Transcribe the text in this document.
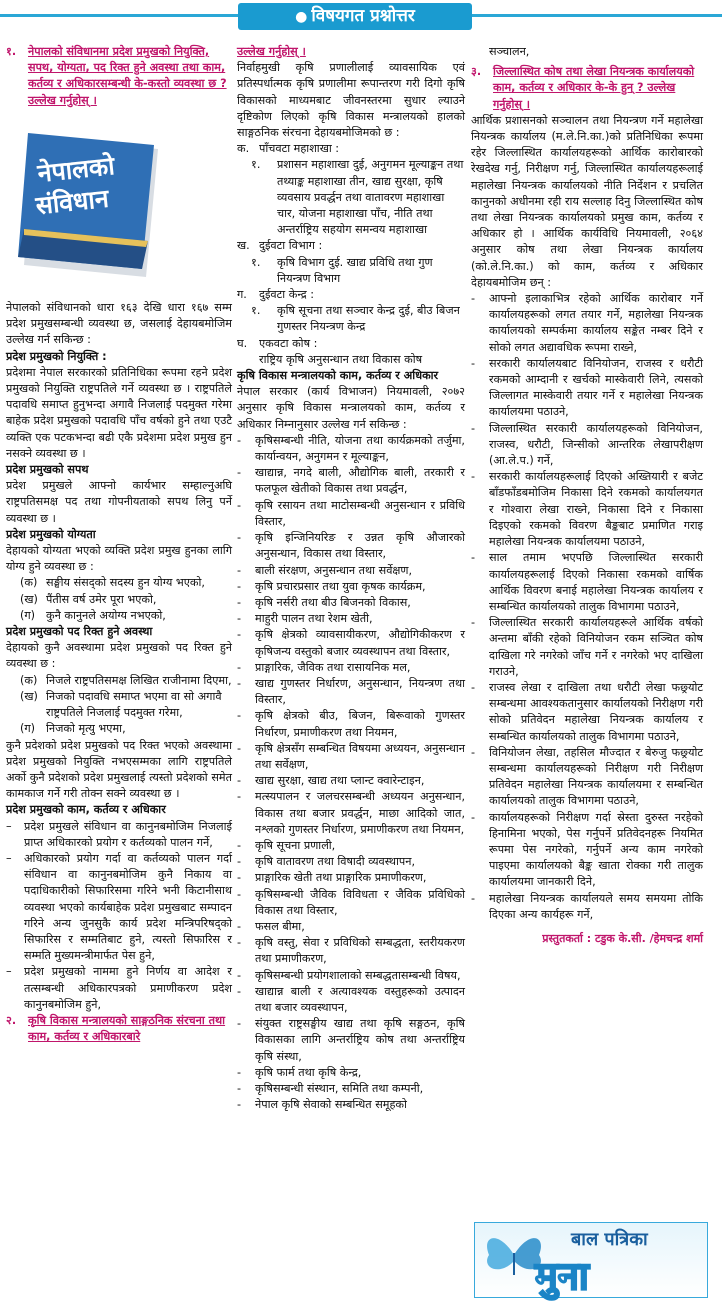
● विषयगत प्रश्नोत्तर
१.	नेपालको संविधानमा प्रदेश प्रमुखको नियुक्ति, सपथ, योग्यता, पद रिक्त हुने अवस्था तथा काम, कर्तव्य र अधिकारसम्बन्धी के-कस्तो व्यवस्था छ ? उल्लेख गर्नुहोस् ।
नेपालको
संविधान

नेपालको संविधानको धारा १६३ देखि धारा १६७ सम्म प्रदेश प्रमुखसम्बन्धी व्यवस्था छ, जसलाई देहायबमोजिम उल्लेख गर्न सकिन्छ :

प्रदेश प्रमुखको नियुक्ति :

प्रदेशमा नेपाल सरकारको प्रतिनिधिका रूपमा रहने प्रदेश प्रमुखको नियुक्ति राष्ट्रपतिले गर्ने व्यवस्था छ । राष्ट्रपतिले पदावधि समाप्त हुनुभन्दा अगावै निजलाई पदमुक्त गरेमा बाहेक प्रदेश प्रमुखको पदावधि पाँच वर्षको हुने तथा एउटै व्यक्ति एक पटकभन्दा बढी एकै प्रदेशमा प्रदेश प्रमुख हुन नसक्ने व्यवस्था छ ।

प्रदेश प्रमुखको सपथ

प्रदेश प्रमुखले आफ्नो कार्यभार सम्हाल्नुअघि राष्ट्रपतिसमक्ष पद तथा गोपनीयताको सपथ लिनु पर्ने व्यवस्था छ ।

प्रदेश प्रमुखको योग्यता

देहायको योग्यता भएको व्यक्ति प्रदेश प्रमुख हुनका लागि योग्य हुने व्यवस्था छ :

(क) सङ्घीय संसद्को सदस्य हुन योग्य भएको,
(ख) पैंतीस वर्ष उमेर पूरा भएको,
(ग) कुनै कानुनले अयोग्य नभएको,

प्रदेश प्रमुखको पद रिक्त हुने अवस्था

देहायको कुनै अवस्थामा प्रदेश प्रमुखको पद रिक्त हुने व्यवस्था छ :

(क) निजले राष्ट्रपतिसमक्ष लिखित राजीनामा दिएमा,
(ख) निजको पदावधि समाप्त भएमा वा सो अगावै राष्ट्रपतिले निजलाई पदमुक्त गरेमा,
(ग) निजको मृत्यु भएमा,

कुनै प्रदेशको प्रदेश प्रमुखको पद रिक्त भएको अवस्थामा प्रदेश प्रमुखको नियुक्ति नभएसम्मका लागि राष्ट्रपतिले अर्को कुनै प्रदेशको प्रदेश प्रमुखलाई त्यस्तो प्रदेशको समेत कामकाज गर्ने गरी तोक्न सक्ने व्यवस्था छ ।

प्रदेश प्रमुखको काम, कर्तव्य र अधिकार

–	प्रदेश प्रमुखले संविधान वा कानुनबमोजिम निजलाई प्राप्त अधिकारको प्रयोग र कर्तव्यको पालन गर्ने,
–	अधिकारको प्रयोग गर्दा वा कर्तव्यको पालन गर्दा संविधान वा कानुनबमोजिम कुनै निकाय वा पदाधिकारीको सिफारिसमा गरिने भनी किटानीसाथ व्यवस्था भएको कार्यबाहेक प्रदेश प्रमुखबाट सम्पादन गरिने अन्य जुनसुकै कार्य प्रदेश मन्त्रिपरिषद्को सिफारिस र सम्मतिबाट हुने, त्यस्तो सिफारिस र सम्मति मुख्यमन्त्रीमार्फत पेस हुने,
–	प्रदेश प्रमुखको नाममा हुने निर्णय वा आदेश र तत्सम्बन्धी अधिकारपत्रको प्रमाणीकरण प्रदेश कानुनबमोजिम हुने,
२.	कृषि विकास मन्त्रालयको साङ्गठनिक संरचना तथा काम, कर्तव्य र अधिकारबारे

उल्लेख गर्नुहोस् ।

निर्वाहमुखी कृषि प्रणालीलाई व्यावसायिक एवं प्रतिस्पर्धात्मक कृषि प्रणालीमा रूपान्तरण गरी दिगो कृषि विकासको माध्यमबाट जीवनस्तरमा सुधार ल्याउने दृष्टिकोण लिएको कृषि विकास मन्त्रालयको हालको साङ्गठनिक संरचना देहायबमोजिमको छ :

क. पाँचवटा महाशाखा :
१.	प्रशासन महाशाखा दुई, अनुगमन मूल्याङ्कन तथा तथ्याङ्क महाशाखा तीन, खाद्य सुरक्षा, कृषि व्यवसाय प्रवर्द्धन तथा वातावरण महाशाखा चार, योजना महाशाखा पाँच, नीति तथा अन्तर्राष्ट्रिय सहयोग समन्वय महाशाखा
ख. दुईवटा विभाग :
१.	कृषि विभाग दुई. खाद्य प्रविधि तथा गुण नियन्त्रण विभाग
ग.	दुईवटा केन्द्र :
१.	कृषि सूचना तथा सञ्चार केन्द्र दुई, बीउ बिजन गुणस्तर नियन्त्रण केन्द्र
घ.	एकवटा कोष :

राष्ट्रिय कृषि अनुसन्धान तथा विकास कोष

कृषि विकास मन्त्रालयको काम, कर्तव्य र अधिकार

नेपाल सरकार (कार्य विभाजन) नियमावली, २०७२ अनुसार कृषि विकास मन्त्रालयको काम, कर्तव्य र अधिकार निम्नानुसार उल्लेख गर्न सकिन्छ :

-	कृषिसम्बन्धी नीति, योजना तथा कार्यक्रमको तर्जुमा, कार्यान्वयन, अनुगमन र मूल्याङ्कन,
-	खाद्यान्न, नगदे बाली, औद्योगिक बाली, तरकारी र फलफूल खेतीको विकास तथा प्रवर्द्धन,
-	कृषि रसायन तथा माटोसम्बन्धी अनुसन्धान र प्रविधि विस्तार,
-	कृषि इन्जिनियरिङ र उन्नत कृषि औजारको अनुसन्धान, विकास तथा विस्तार,
-	बाली संरक्षण, अनुसन्धान तथा सर्वेक्षण,
-	कृषि प्रचारप्रसार तथा युवा कृषक कार्यक्रम,
-	कृषि नर्सरी तथा बीउ बिजनको विकास,
-	माहुरी पालन तथा रेशम खेती,
-	कृषि क्षेत्रको व्यावसायीकरण, औद्योगिकीकरण र कृषिजन्य वस्तुको बजार व्यवस्थापन तथा विस्तार,
-	प्राङ्गारिक, जैविक तथा रासायनिक मल,
-	खाद्य गुणस्तर निर्धारण, अनुसन्धान, नियन्त्रण तथा विस्तार,
-	कृषि क्षेत्रको बीउ, बिजन, बिरूवाको गुणस्तर निर्धारण, प्रमाणीकरण तथा नियमन,
-	कृषि क्षेत्रसँग सम्बन्धित विषयमा अध्ययन, अनुसन्धान तथा सर्वेक्षण,
-	खाद्य सुरक्षा, खाद्य तथा प्लान्ट क्वारेन्टाइन,
-	मत्स्यपालन र जलचरसम्बन्धी अध्ययन अनुसन्धान, विकास तथा बजार प्रवर्द्धन, माछा आदिको जात, नश्लको गुणस्तर निर्धारण, प्रमाणीकरण तथा नियमन,
-	कृषि सूचना प्रणाली,
-	कृषि वातावरण तथा विषादी व्यवस्थापन,
-	प्राङ्गारिक खेती तथा प्राङ्गारिक प्रमाणीकरण,
-	कृषिसम्बन्धी जैविक विविधता र जैविक प्रविधिको विकास तथा विस्तार,
-	फसल बीमा,
-	कृषि वस्तु, सेवा र प्रविधिको सम्बद्धता, स्तरीयकरण तथा प्रमाणीकरण,
-	कृषिसम्बन्धी प्रयोगशालाको सम्बद्धतासम्बन्धी विषय,
-	खाद्यान्न बाली र अत्यावश्यक वस्तुहरूको उत्पादन तथा बजार व्यवस्थापन,
-	संयुक्त राष्ट्रसङ्घीय खाद्य तथा कृषि सङ्गठन, कृषि विकासका लागि अन्तर्राष्ट्रिय कोष तथा अन्तर्राष्ट्रिय कृषि संस्था,
-	कृषि फार्म तथा कृषि केन्द्र,
-	कृषिसम्बन्धी संस्थान, समिति तथा कम्पनी,
-	नेपाल कृषि सेवाको सम्बन्धित समूहको

सञ्चालन,

३.	जिल्लास्थित कोष तथा लेखा नियन्त्रक कार्यालयको काम, कर्तव्य र अधिकार के-के हुन् ? उल्लेख गर्नुहोस् ।

आर्थिक प्रशासनको सञ्चालन तथा नियन्त्रण गर्ने महालेखा नियन्त्रक कार्यालय (म.ले.नि.का.)को प्रतिनिधिका रूपमा रहेर जिल्लास्थित कार्यालयहरूको आर्थिक कारोबारको रेखदेख गर्नु, निरीक्षण गर्नु, जिल्लास्थित कार्यालयहरूलाई महालेखा नियन्त्रक कार्यालयको नीति निर्देशन र प्रचलित कानुनको अधीनमा रही राय सल्लाह दिनु जिल्लास्थित कोष तथा लेखा नियन्त्रक कार्यालयको प्रमुख काम, कर्तव्य र अधिकार हो । आर्थिक कार्यविधि नियमावली, २०६४ अनुसार कोष तथा लेखा नियन्त्रक कार्यालय (को.ले.नि.का.) को काम, कर्तव्य र अधिकार देहायबमोजिम छन् :

-	आफ्नो इलाकाभित्र रहेको आर्थिक कारोबार गर्ने कार्यालयहरूको लगत तयार गर्ने, महालेखा नियन्त्रक कार्यालयको सम्पर्कमा कार्यालय सङ्केत नम्बर दिने र सोको लगत अद्यावधिक रूपमा राख्ने,
-	सरकारी कार्यालयबाट विनियोजन, राजस्व र धरौटी रकमको आम्दानी र खर्चको मास्केवारी लिने, त्यसको जिल्लागत मास्केवारी तयार गर्ने र महालेखा नियन्त्रक कार्यालयमा पठाउने,
-	जिल्लास्थित सरकारी कार्यालयहरूको विनियोजन, राजस्व, धरौटी, जिन्सीको आन्तरिक लेखापरीक्षण (आ.ले.प.) गर्ने,
-	सरकारी कार्यालयहरूलाई दिएको अख्तियारी र बजेट बाँडफाँडबमोजिम निकासा दिने रकमको कार्यालयगत र गोश्वारा लेखा राख्ने, निकासा दिने र निकासा दिइएको रकमको विवरण बैङ्कबाट प्रमाणित गराइ महालेखा नियन्त्रक कार्यालयमा पठाउने,
-	साल तमाम भएपछि जिल्लास्थित सरकारी कार्यालयहरूलाई दिएको निकासा रकमको वार्षिक आर्थिक विवरण बनाई महालेखा नियन्त्रक कार्यालय र सम्बन्धित कार्यालयको तालुक विभागमा पठाउने,
-	जिल्लास्थित सरकारी कार्यालयहरूले आर्थिक वर्षको अन्तमा बाँकी रहेको विनियोजन रकम सञ्चित कोष दाखिला गरे नगरेको जाँच गर्ने र नगरेको भए दाखिला गराउने,
-	राजस्व लेखा र दाखिला तथा धरौटी लेखा फछ्र्योट सम्बन्धमा आवश्यकतानुसार कार्यालयको निरीक्षण गरी सोको प्रतिवेदन महालेखा नियन्त्रक कार्यालय र सम्बन्धित कार्यालयको तालुक विभागमा पठाउने,
-	विनियोजन लेखा, तहसिल मौज्दात र बेरुजु फछ्र्योट सम्बन्धमा कार्यालयहरूको निरीक्षण गरी निरीक्षण प्रतिवेदन महालेखा नियन्त्रक कार्यालयमा र सम्बन्धित कार्यालयको तालुक विभागमा पठाउने,
-	कार्यालयहरूको निरीक्षण गर्दा स्रेस्ता दुरुस्त नरहेको हिनामिना भएको, पेस गर्नुपर्ने प्रतिवेदनहरू नियमित रूपमा पेस नगरेको, गर्नुपर्ने अन्य काम नगरेको पाइएमा कार्यालयको बैङ्क खाता रोक्का गरी तालुक कार्यालयमा जानकारी दिने,
-	महालेखा नियन्त्रक कार्यालयले समय समयमा तोकि दिएका अन्य कार्यहरू गर्ने,

प्रस्तुतकर्ता : टडुक के.सी. /हेमचन्द्र शर्मा

बाल पत्रिका
मुना
